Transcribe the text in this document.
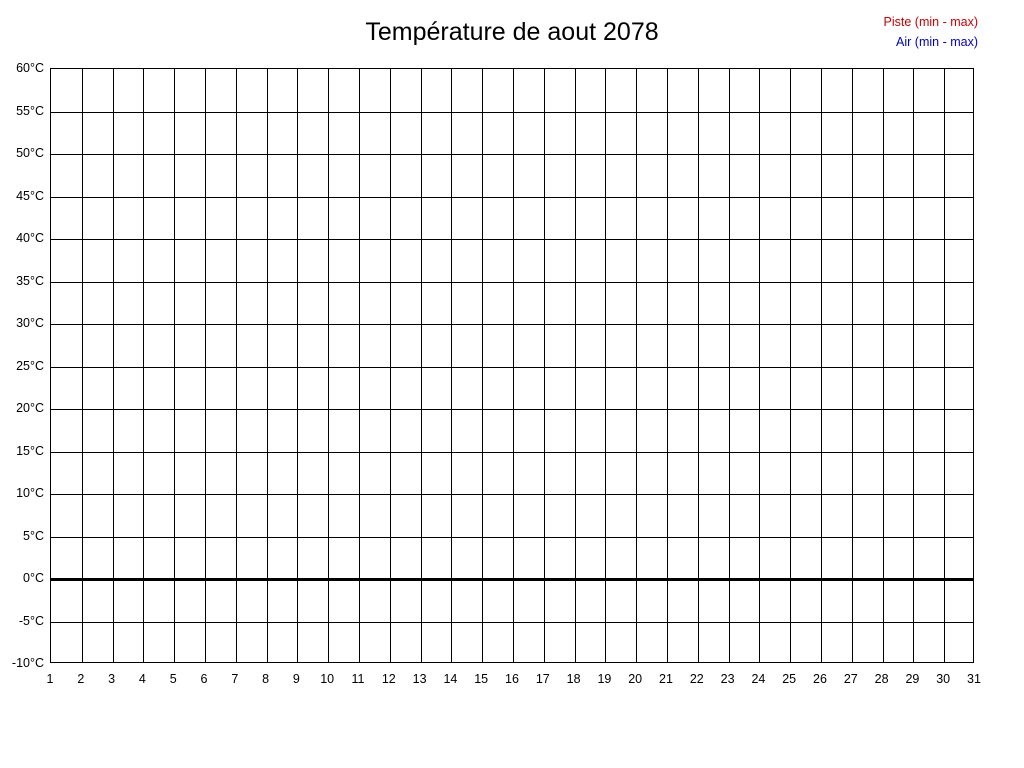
Température de aout 2078	Piste (min - max)
Air (min - max)
-10°C
-5°C
0°C
5°C
10°C
15°C
20°C
25°C
30°C
35°C
40°C
45°C
50°C
55°C
60°C
1 2 3 4 5 6 7 8 9 10 11 12 13 14 15 16 17 18 19 20 21 22 23 24 25 26 27 28 29 30 31
